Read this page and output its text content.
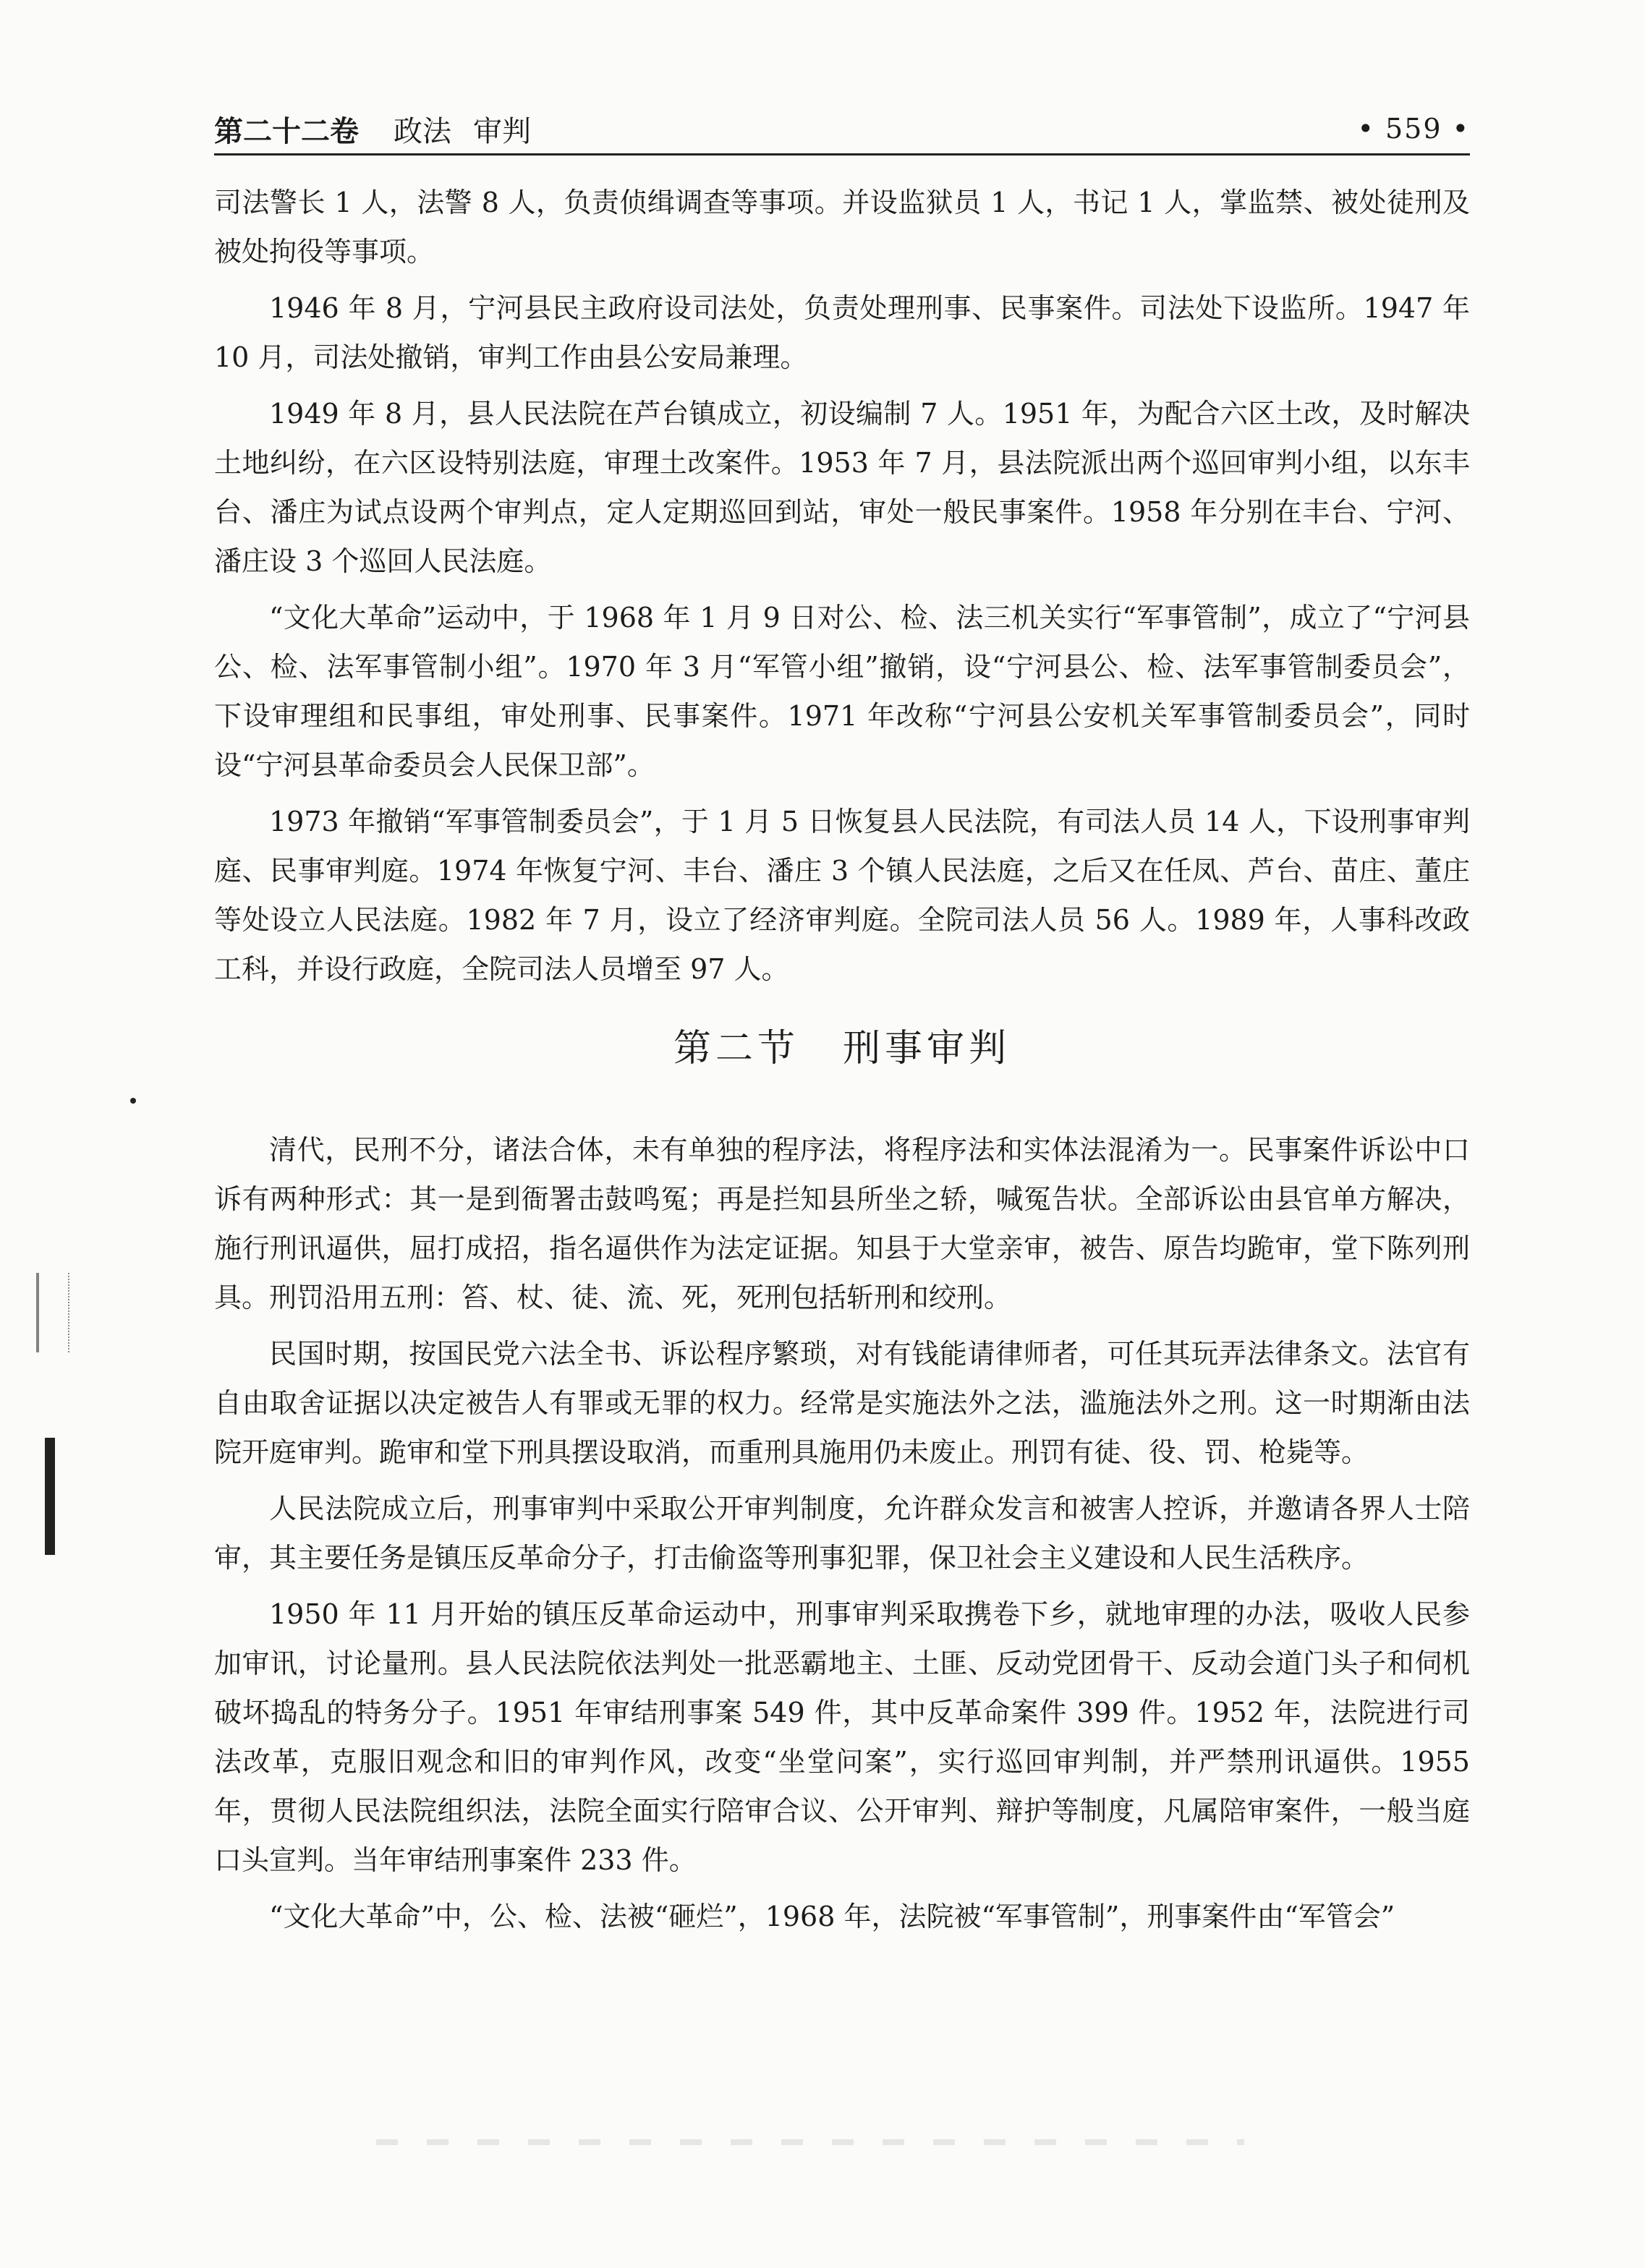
第二十二卷 政法 审判	• 559 •

司法警长 1 人，法警 8 人，负责侦缉调查等事项。并设监狱员 1 人，书记 1 人，掌监禁、被处徒刑及被处拘役等事项。

1946 年 8 月，宁河县民主政府设司法处，负责处理刑事、民事案件。司法处下设监所。1947 年 10 月，司法处撤销，审判工作由县公安局兼理。

1949 年 8 月，县人民法院在芦台镇成立，初设编制 7 人。1951 年，为配合六区土改，及时解决土地纠纷，在六区设特别法庭，审理土改案件。1953 年 7 月，县法院派出两个巡回审判小组，以东丰台、潘庄为试点设两个审判点，定人定期巡回到站，审处一般民事案件。1958 年分别在丰台、宁河、潘庄设 3 个巡回人民法庭。

“文化大革命”运动中，于 1968 年 1 月 9 日对公、检、法三机关实行“军事管制”，成立了“宁河县公、检、法军事管制小组”。1970 年 3 月“军管小组”撤销，设“宁河县公、检、法军事管制委员会”，下设审理组和民事组，审处刑事、民事案件。1971 年改称“宁河县公安机关军事管制委员会”，同时设“宁河县革命委员会人民保卫部”。

1973 年撤销“军事管制委员会”，于 1 月 5 日恢复县人民法院，有司法人员 14 人，下设刑事审判庭、民事审判庭。1974 年恢复宁河、丰台、潘庄 3 个镇人民法庭，之后又在任凤、芦台、苗庄、董庄等处设立人民法庭。1982 年 7 月，设立了经济审判庭。全院司法人员 56 人。1989 年，人事科改政工科，并设行政庭，全院司法人员增至 97 人。

第二节 刑事审判

清代，民刑不分，诸法合体，未有单独的程序法，将程序法和实体法混淆为一。民事案件诉讼中口诉有两种形式：其一是到衙署击鼓鸣冤；再是拦知县所坐之轿，喊冤告状。全部诉讼由县官单方解决，施行刑讯逼供，屈打成招，指名逼供作为法定证据。知县于大堂亲审，被告、原告均跪审，堂下陈列刑具。刑罚沿用五刑：笞、杖、徒、流、死，死刑包括斩刑和绞刑。

民国时期，按国民党六法全书、诉讼程序繁琐，对有钱能请律师者，可任其玩弄法律条文。法官有自由取舍证据以决定被告人有罪或无罪的权力。经常是实施法外之法，滥施法外之刑。这一时期渐由法院开庭审判。跪审和堂下刑具摆设取消，而重刑具施用仍未废止。刑罚有徒、役、罚、枪毙等。

人民法院成立后，刑事审判中采取公开审判制度，允许群众发言和被害人控诉，并邀请各界人士陪审，其主要任务是镇压反革命分子，打击偷盗等刑事犯罪，保卫社会主义建设和人民生活秩序。

1950 年 11 月开始的镇压反革命运动中，刑事审判采取携卷下乡，就地审理的办法，吸收人民参加审讯，讨论量刑。县人民法院依法判处一批恶霸地主、土匪、反动党团骨干、反动会道门头子和伺机破坏捣乱的特务分子。1951 年审结刑事案 549 件，其中反革命案件 399 件。1952 年，法院进行司法改革，克服旧观念和旧的审判作风，改变“坐堂问案”，实行巡回审判制，并严禁刑讯逼供。1955 年，贯彻人民法院组织法，法院全面实行陪审合议、公开审判、辩护等制度，凡属陪审案件，一般当庭口头宣判。当年审结刑事案件 233 件。

“文化大革命”中，公、检、法被“砸烂”，1968 年，法院被“军事管制”，刑事案件由“军管会”
